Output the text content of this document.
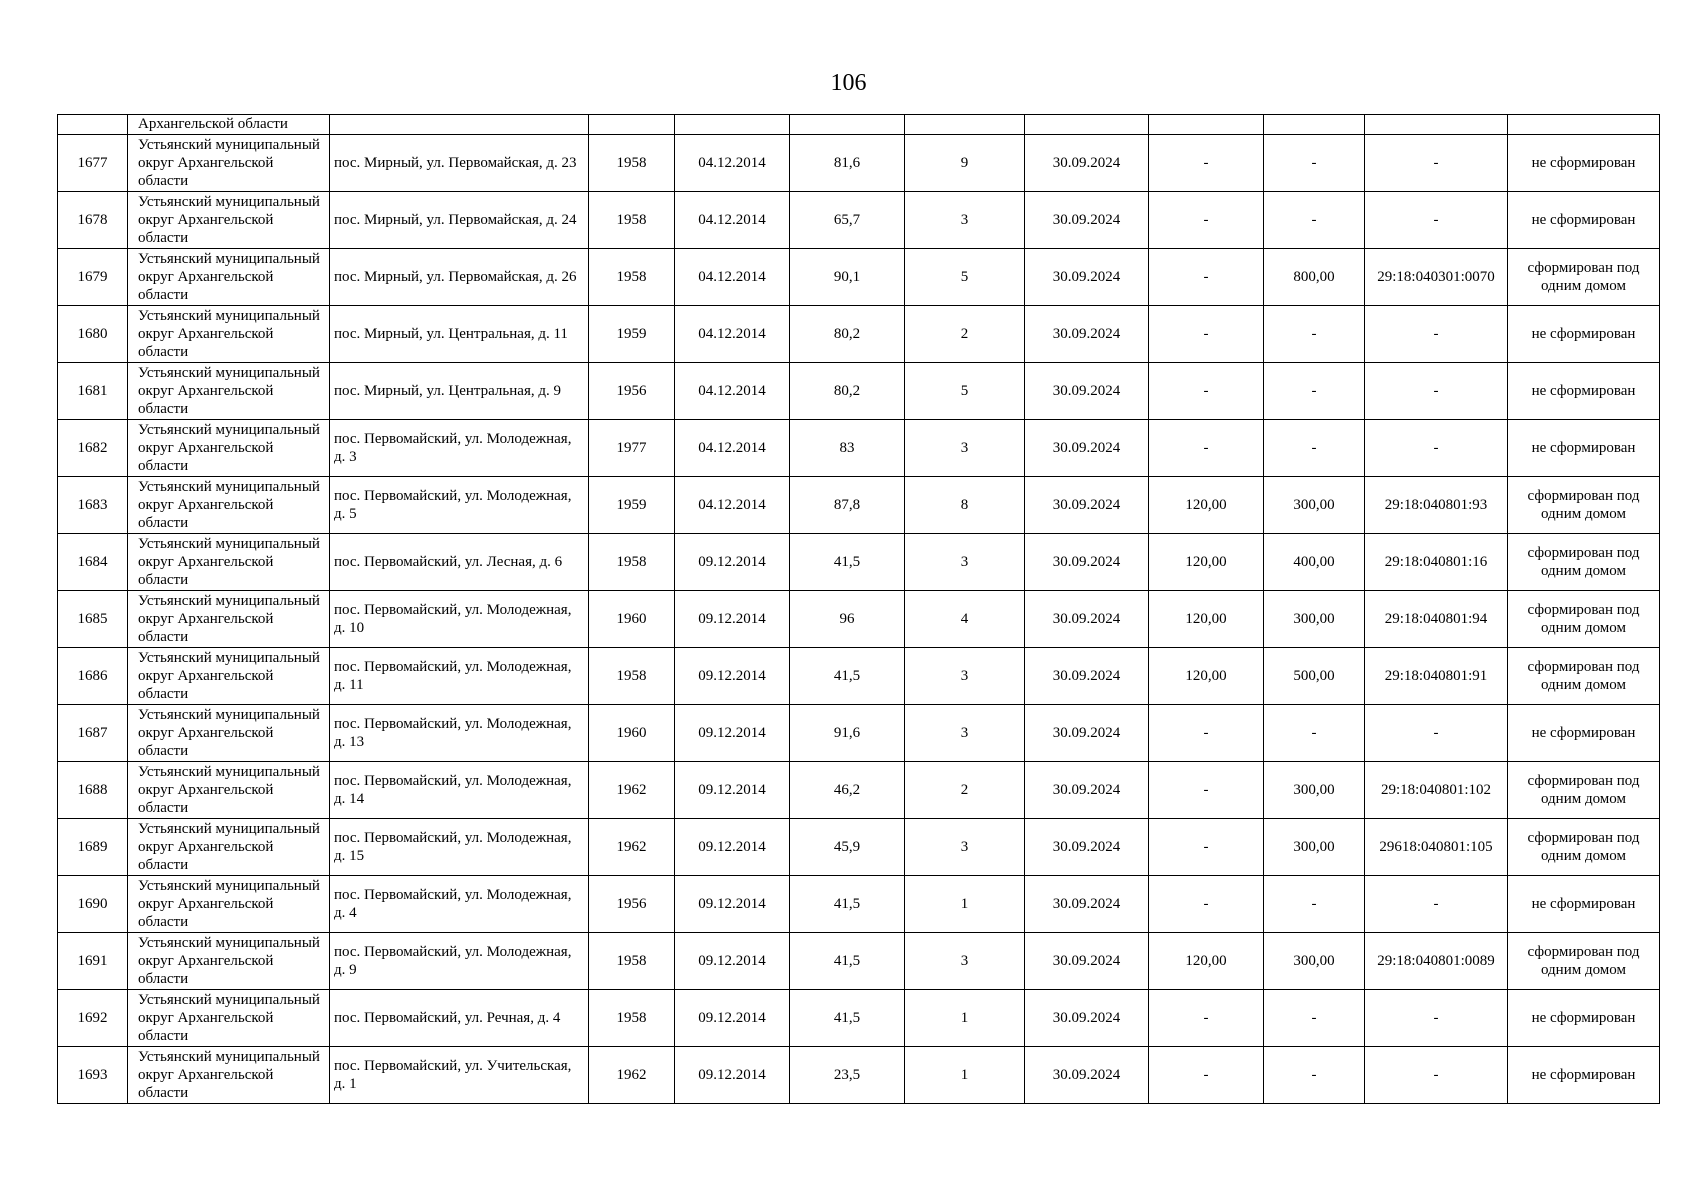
106
	Архангельской области										
1677	Устьянский муниципальный округ Архангельской области	пос. Мирный, ул. Первомайская, д. 23	1958	04.12.2014	81,6	9	30.09.2024	-	-	-	не сформирован
1678	Устьянский муниципальный округ Архангельской области	пос. Мирный, ул. Первомайская, д. 24	1958	04.12.2014	65,7	3	30.09.2024	-	-	-	не сформирован
1679	Устьянский муниципальный округ Архангельской области	пос. Мирный, ул. Первомайская, д. 26	1958	04.12.2014	90,1	5	30.09.2024	-	800,00	29:18:040301:0070	сформирован под одним домом
1680	Устьянский муниципальный округ Архангельской области	пос. Мирный, ул. Центральная, д. 11	1959	04.12.2014	80,2	2	30.09.2024	-	-	-	не сформирован
1681	Устьянский муниципальный округ Архангельской области	пос. Мирный, ул. Центральная, д. 9	1956	04.12.2014	80,2	5	30.09.2024	-	-	-	не сформирован
1682	Устьянский муниципальный округ Архангельской области	пос. Первомайский, ул. Молодежная, д. 3	1977	04.12.2014	83	3	30.09.2024	-	-	-	не сформирован
1683	Устьянский муниципальный округ Архангельской области	пос. Первомайский, ул. Молодежная, д. 5	1959	04.12.2014	87,8	8	30.09.2024	120,00	300,00	29:18:040801:93	сформирован под одним домом
1684	Устьянский муниципальный округ Архангельской области	пос. Первомайский, ул. Лесная, д. 6	1958	09.12.2014	41,5	3	30.09.2024	120,00	400,00	29:18:040801:16	сформирован под одним домом
1685	Устьянский муниципальный округ Архангельской области	пос. Первомайский, ул. Молодежная, д. 10	1960	09.12.2014	96	4	30.09.2024	120,00	300,00	29:18:040801:94	сформирован под одним домом
1686	Устьянский муниципальный округ Архангельской области	пос. Первомайский, ул. Молодежная, д. 11	1958	09.12.2014	41,5	3	30.09.2024	120,00	500,00	29:18:040801:91	сформирован под одним домом
1687	Устьянский муниципальный округ Архангельской области	пос. Первомайский, ул. Молодежная, д. 13	1960	09.12.2014	91,6	3	30.09.2024	-	-	-	не сформирован
1688	Устьянский муниципальный округ Архангельской области	пос. Первомайский, ул. Молодежная, д. 14	1962	09.12.2014	46,2	2	30.09.2024	-	300,00	29:18:040801:102	сформирован под одним домом
1689	Устьянский муниципальный округ Архангельской области	пос. Первомайский, ул. Молодежная, д. 15	1962	09.12.2014	45,9	3	30.09.2024	-	300,00	29618:040801:105	сформирован под одним домом
1690	Устьянский муниципальный округ Архангельской области	пос. Первомайский, ул. Молодежная, д. 4	1956	09.12.2014	41,5	1	30.09.2024	-	-	-	не сформирован
1691	Устьянский муниципальный округ Архангельской области	пос. Первомайский, ул. Молодежная, д. 9	1958	09.12.2014	41,5	3	30.09.2024	120,00	300,00	29:18:040801:0089	сформирован под одним домом
1692	Устьянский муниципальный округ Архангельской области	пос. Первомайский, ул. Речная, д. 4	1958	09.12.2014	41,5	1	30.09.2024	-	-	-	не сформирован
1693	Устьянский муниципальный округ Архангельской области	пос. Первомайский, ул. Учительская, д. 1	1962	09.12.2014	23,5	1	30.09.2024	-	-	-	не сформирован
